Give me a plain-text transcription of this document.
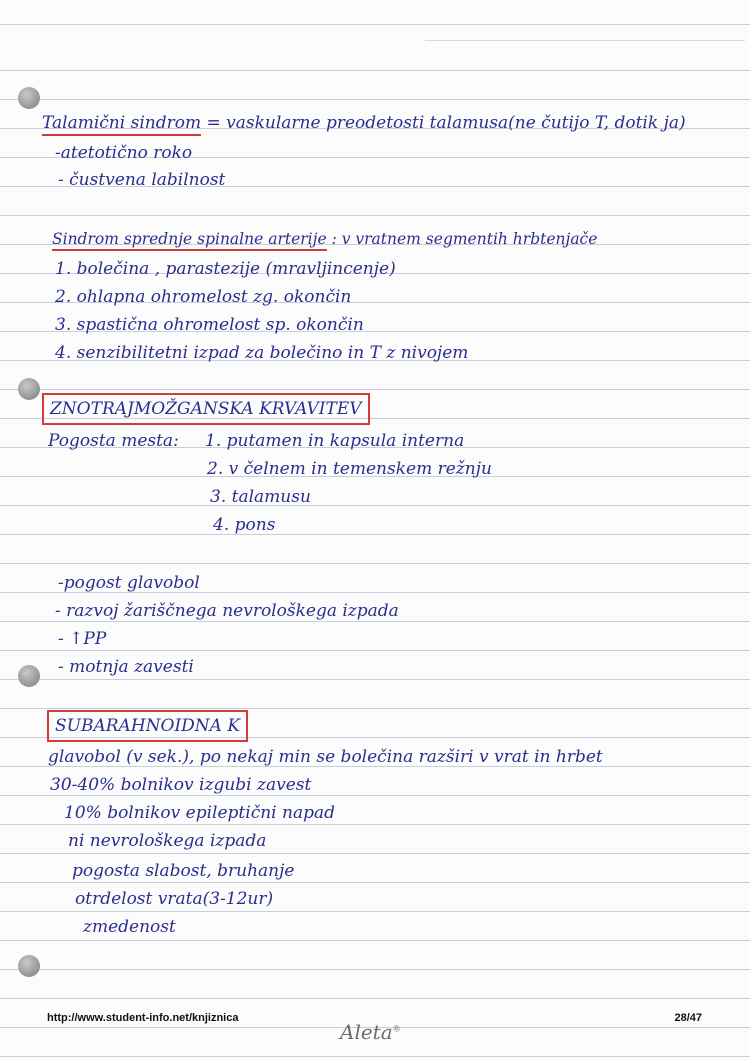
Talamični sindrom = vaskularne preodetosti talamusa(ne čutijo T, dotik ja)
-atetotično roko
- čustvena labilnost
Sindrom sprednje spinalne arterije : v vratnem segmentih hrbtenjače
1. bolečina , parastezije (mravljincenje)
2. ohlapna ohromelost zg. okončin
3. spastična ohromelost sp. okončin
4. senzibilitetni izpad za bolečino in T z nivojem
ZNOTRAJMOŽGANSKA KRVAVITEV
Pogosta mesta: 1. putamen in kapsula interna
2. v čelnem in temenskem režnju
3. talamusu
4. pons
-pogost glavobol
- razvoj žariščnega nevrološkega izpada
- ↑PP
- motnja zavesti
SUBARAHNOIDNA K
glavobol (v sek.), po nekaj min se bolečina razširi v vrat in hrbet
30-40% bolnikov izgubi zavest
10% bolnikov epileptični napad
ni nevrološkega izpada
pogosta slabost, bruhanje
otrdelost vrata(3-12ur)
zmedenost
http://www.student-info.net/knjiznica	28/47
Aleta®
